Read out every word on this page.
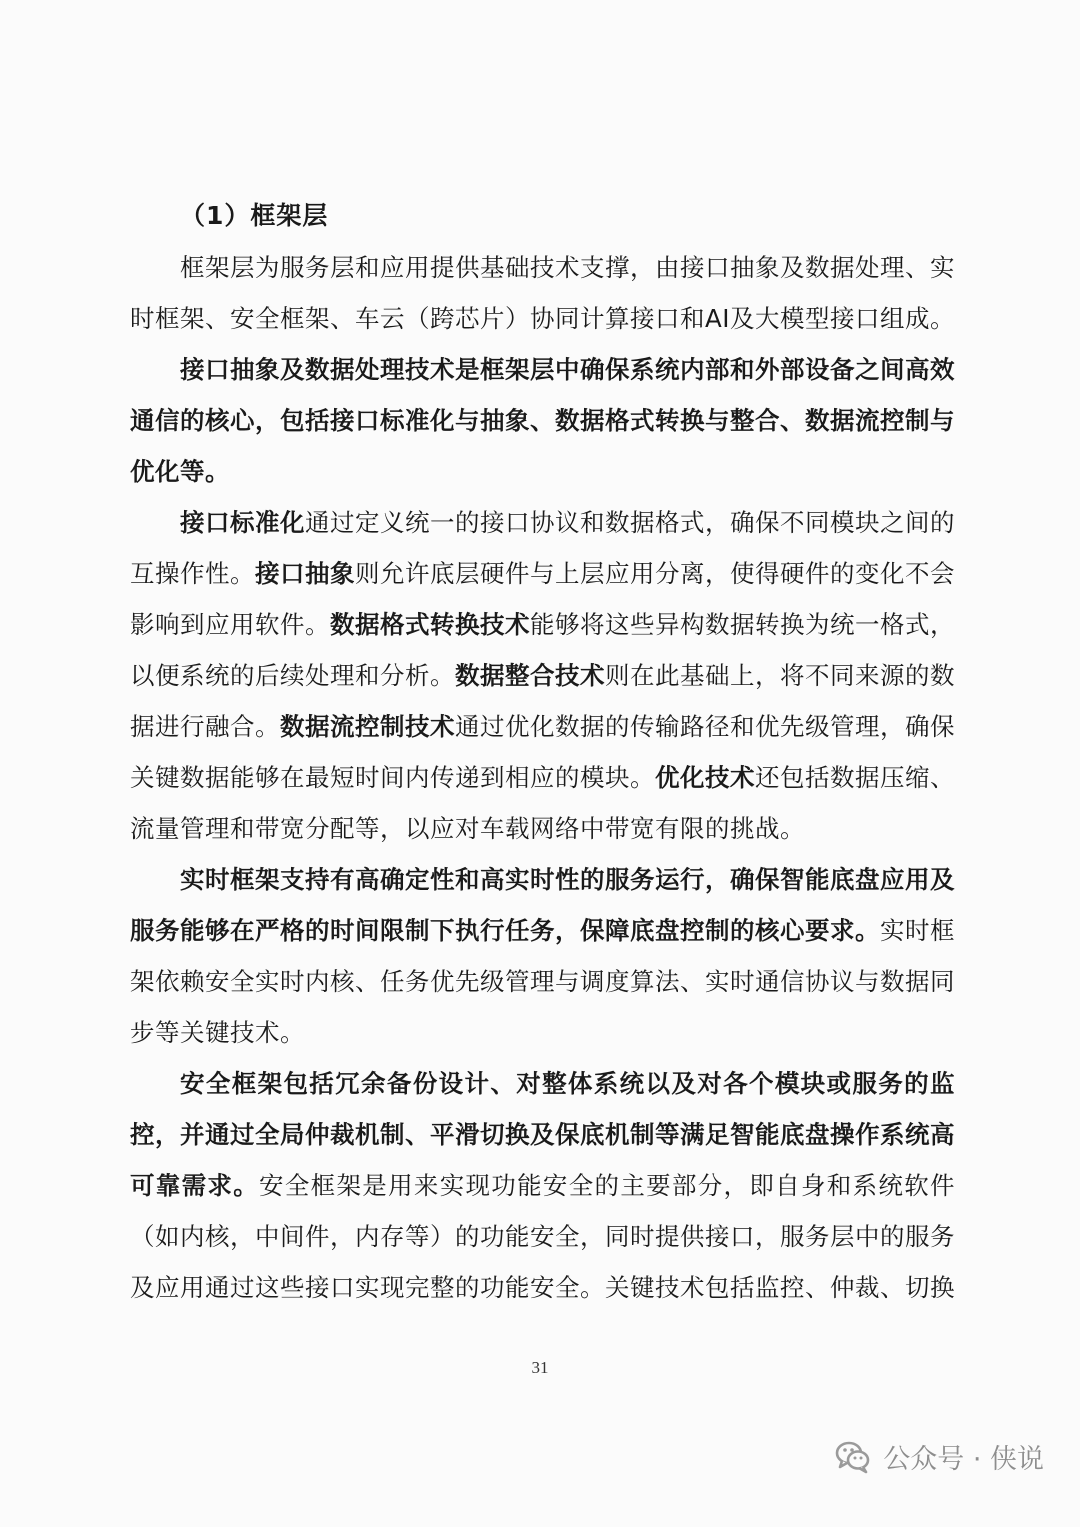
（1）框架层

框架层为服务层和应用提供基础技术支撑，由接口抽象及数据处理、实时框架、安全框架、车云（跨芯片）协同计算接口和AI及大模型接口组成。

接口抽象及数据处理技术是框架层中确保系统内部和外部设备之间高效通信的核心，包括接口标准化与抽象、数据格式转换与整合、数据流控制与优化等。

接口标准化通过定义统一的接口协议和数据格式，确保不同模块之间的互操作性。接口抽象则允许底层硬件与上层应用分离，使得硬件的变化不会影响到应用软件。数据格式转换技术能够将这些异构数据转换为统一格式，以便系统的后续处理和分析。数据整合技术则在此基础上，将不同来源的数据进行融合。数据流控制技术通过优化数据的传输路径和优先级管理，确保关键数据能够在最短时间内传递到相应的模块。优化技术还包括数据压缩、流量管理和带宽分配等，以应对车载网络中带宽有限的挑战。

实时框架支持有高确定性和高实时性的服务运行，确保智能底盘应用及服务能够在严格的时间限制下执行任务，保障底盘控制的核心要求。实时框架依赖安全实时内核、任务优先级管理与调度算法、实时通信协议与数据同步等关键技术。

安全框架包括冗余备份设计、对整体系统以及对各个模块或服务的监控，并通过全局仲裁机制、平滑切换及保底机制等满足智能底盘操作系统高可靠需求。安全框架是用来实现功能安全的主要部分，即自身和系统软件（如内核，中间件，内存等）的功能安全，同时提供接口，服务层中的服务及应用通过这些接口实现完整的功能安全。关键技术包括监控、仲裁、切换

31
公众号 · 侠说
